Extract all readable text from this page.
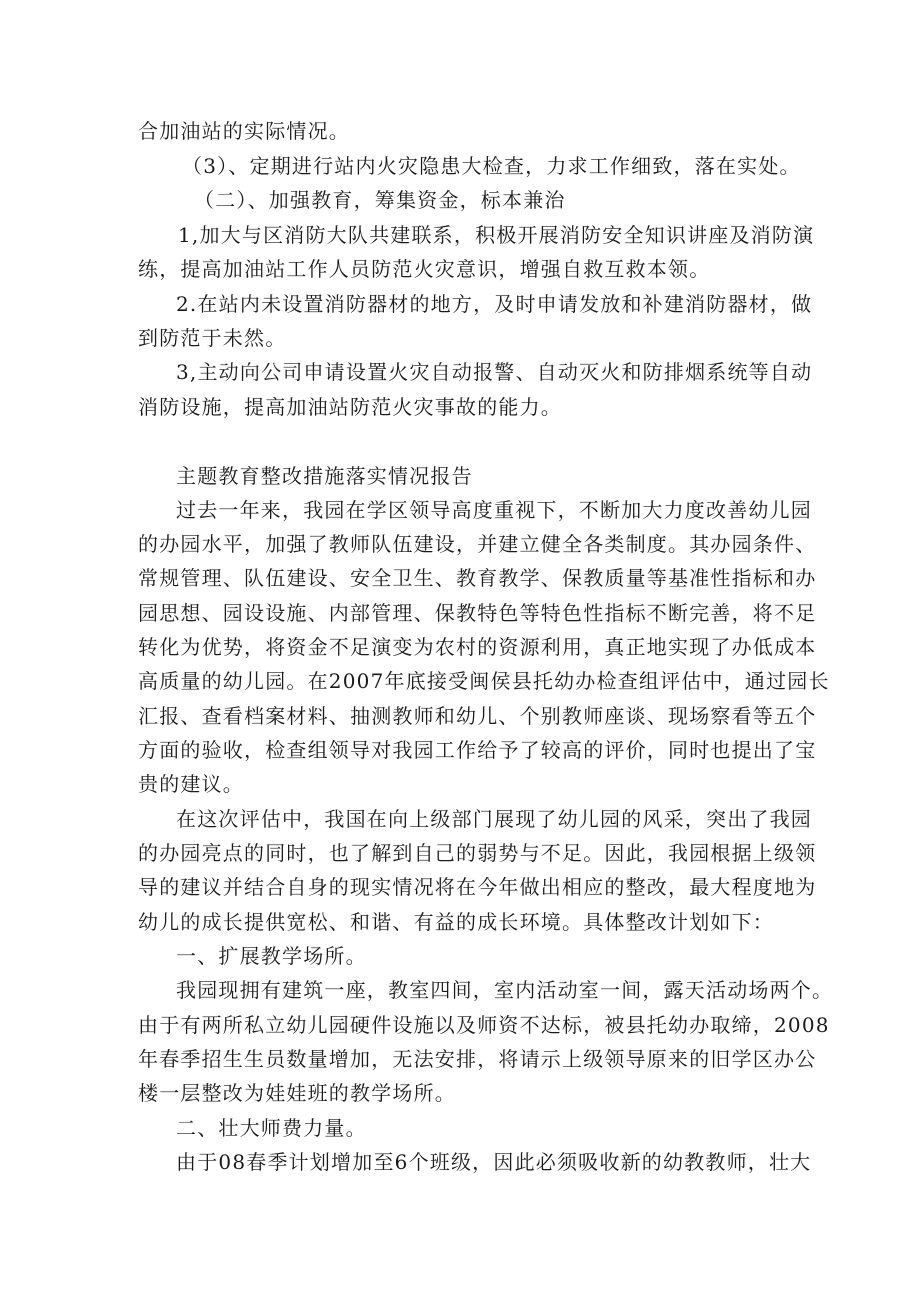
合加油站的实际情况。
（3）、定期进行站内火灾隐患大检查，力求工作细致，落在实处。
（二）、加强教育，筹集资金，标本兼治
1,加大与区消防大队共建联系，积极开展消防安全知识讲座及消防演
练，提高加油站工作人员防范火灾意识，增强自救互救本领。
2.在站内未设置消防器材的地方，及时申请发放和补建消防器材，做
到防范于未然。
3,主动向公司申请设置火灾自动报警、自动灭火和防排烟系统等自动
消防设施，提高加油站防范火灾事故的能力。
主题教育整改措施落实情况报告
过去一年来，我园在学区领导高度重视下，不断加大力度改善幼儿园
的办园水平，加强了教师队伍建设，并建立健全各类制度。其办园条件、
常规管理、队伍建设、安全卫生、教育教学、保教质量等基准性指标和办
园思想、园设设施、内部管理、保教特色等特色性指标不断完善，将不足
转化为优势，将资金不足演变为农村的资源利用，真正地实现了办低成本
高质量的幼儿园。在2007年底接受闽侯县托幼办检查组评估中，通过园长
汇报、查看档案材料、抽测教师和幼儿、个别教师座谈、现场察看等五个
方面的验收，检查组领导对我园工作给予了较高的评价，同时也提出了宝
贵的建议。
在这次评估中，我国在向上级部门展现了幼儿园的风采，突出了我园
的办园亮点的同时，也了解到自己的弱势与不足。因此，我园根据上级领
导的建议并结合自身的现实情况将在今年做出相应的整改，最大程度地为
幼儿的成长提供宽松、和谐、有益的成长环境。具体整改计划如下：
一、扩展教学场所。
我园现拥有建筑一座，教室四间，室内活动室一间，露天活动场两个。
由于有两所私立幼儿园硬件设施以及师资不达标，被县托幼办取缔，2008
年春季招生生员数量增加，无法安排，将请示上级领导原来的旧学区办公
楼一层整改为娃娃班的教学场所。
二、壮大师费力量。
由于08春季计划增加至6个班级，因此必须吸收新的幼教教师，壮大
